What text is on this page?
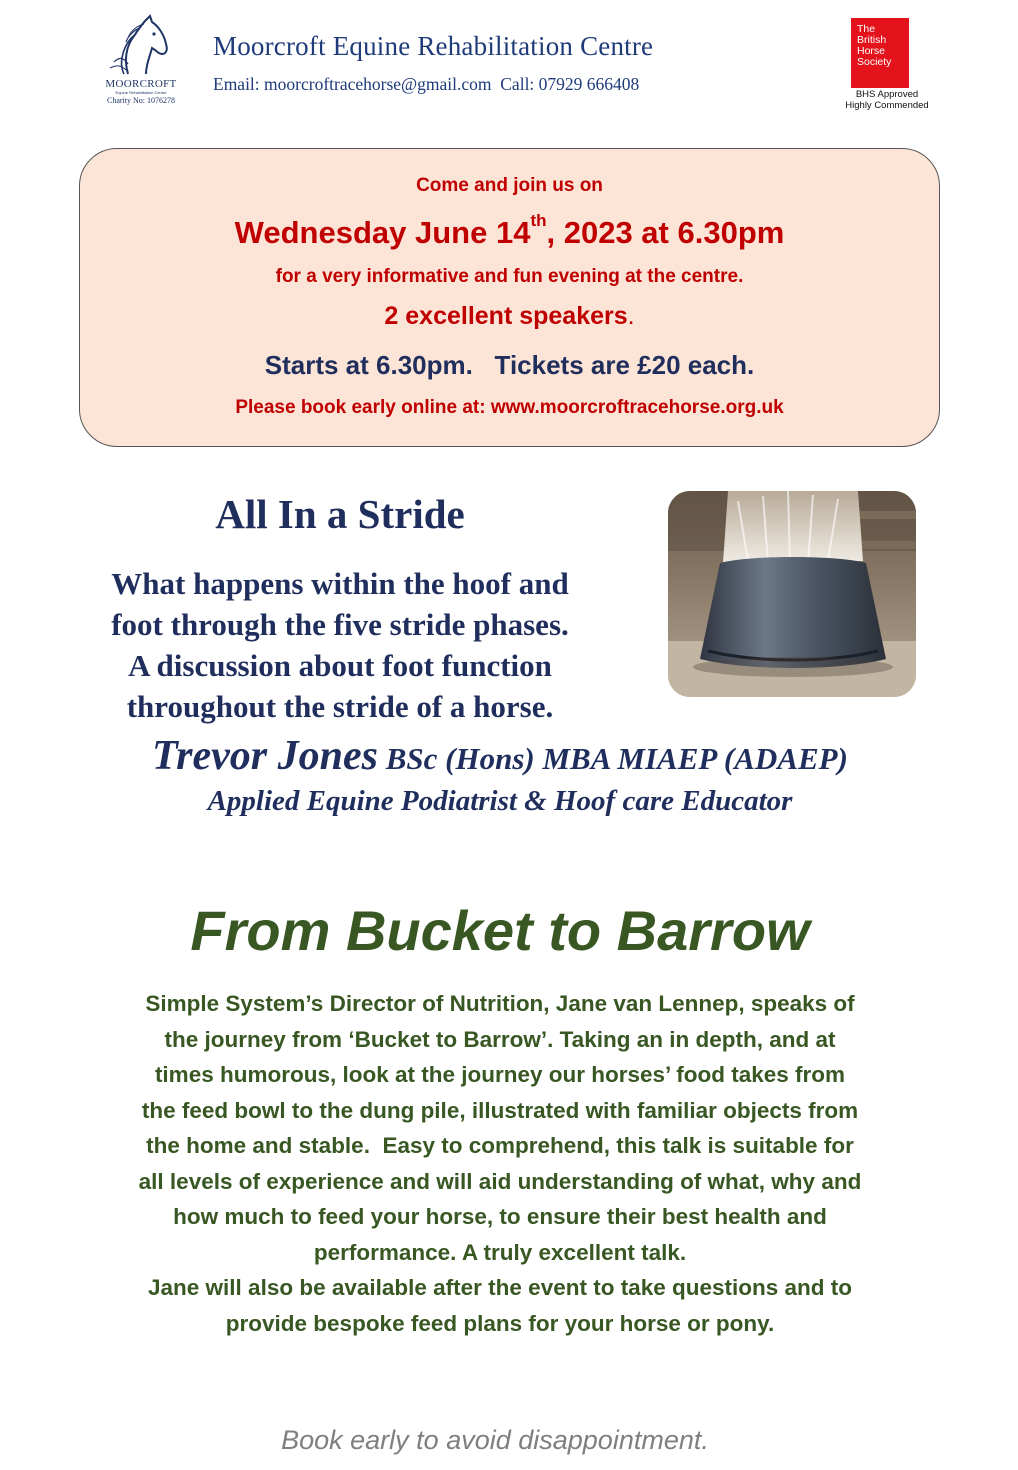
MOORCROFT
Equine Rehabilitation Centre
Charity No: 1076278
Moorcroft Equine Rehabilitation Centre
Email: moorcroftracehorse@gmail.com  Call: 07929 666408
The
British
Horse
Society
BHS Approved
Highly Commended
Come and join us on
Wednesday June 14th, 2023 at 6.30pm
for a very informative and fun evening at the centre.
2 excellent speakers.
Starts at 6.30pm.   Tickets are £20 each.
Please book early online at: www.moorcroftracehorse.org.uk
All In a Stride
What happens within the hoof and
foot through the five stride phases.
A discussion about foot function
throughout the stride of a horse.
Trevor Jones BSc (Hons) MBA MIAEP (ADAEP)
Applied Equine Podiatrist & Hoof care Educator
From Bucket to Barrow
Simple System’s Director of Nutrition, Jane van Lennep, speaks of
the journey from ‘Bucket to Barrow’. Taking an in depth, and at
times humorous, look at the journey our horses’ food takes from
the feed bowl to the dung pile, illustrated with familiar objects from
the home and stable.  Easy to comprehend, this talk is suitable for
all levels of experience and will aid understanding of what, why and
how much to feed your horse, to ensure their best health and
performance. A truly excellent talk.
Jane will also be available after the event to take questions and to
provide bespoke feed plans for your horse or pony.
Book early to avoid disappointment.
